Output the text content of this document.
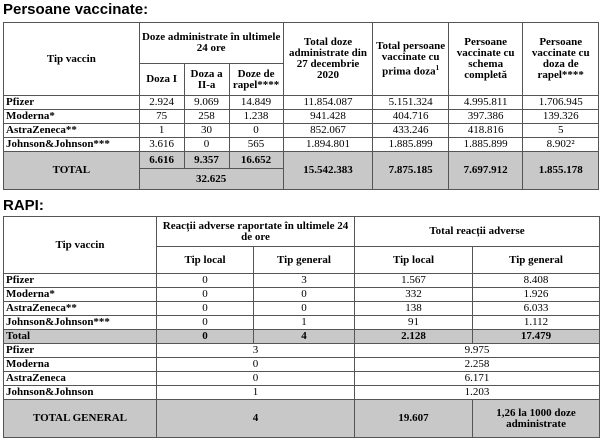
Persoane vaccinate:
Tip vaccin	Doze administrate în ultimele 24 ore			Total doze administrate din 27 decembrie 2020	Total persoane vaccinate cu prima doza$^1$	Persoane vaccinate cu schema completă	Persoane vaccinate cu doza de rapel****
	Doza I	Doza a II-a	Doze de rapel****				
Pfizer	2.924	9.069	14.849	11.854.087	5.151.324	4.995.811	1.706.945
Moderna*	75	258	1.238	941.428	404.716	397.386	139.326
AstraZeneca**	1	30	0	852.067	433.246	418.816	5
Johnson&Johnson***	3.616	0	565	1.894.801	1.885.899	1.885.899	8.902²
TOTAL	6.616	9.357	16.652	15.542.383	7.875.185	7.697.912	1.855.178
	32.625						
RAPI:
Tip vaccin	Reacții adverse raportate în ultimele 24 de ore		Total reacții adverse	
	Tip local	Tip general	Tip local	Tip general
Pfizer	0	3	1.567	8.408
Moderna*	0	0	332	1.926
AstraZeneca**	0	0	138	6.033
Johnson&Johnson***	0	1	91	1.112
Total	0	4	2.128	17.479
Pfizer	3		9.975	
Moderna	0		2.258	
AstraZeneca	0		6.171	
Johnson&Johnson	1		1.203	
TOTAL GENERAL	4		19.607	1,26 la 1000 doze administrate
